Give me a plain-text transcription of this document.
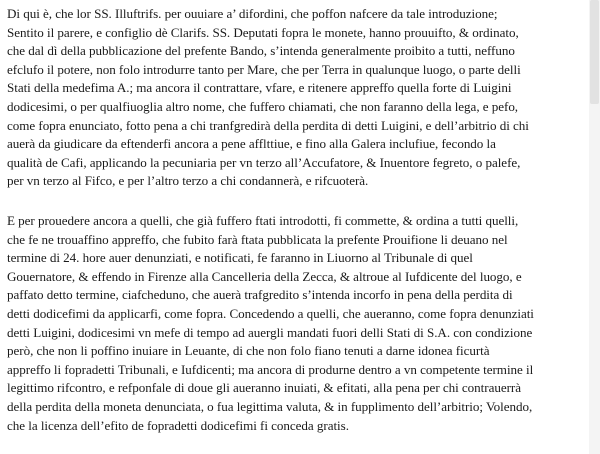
Di qui è, che lor SS. Illuftrifs. per ouuiare a’ difordini, che poffon nafcere da tale introduzione;
Sentito il parere, e configlio dè Clarifs. SS. Deputati fopra le monete, hanno prouuifto, & ordinato,
che dal dì della pubblicazione del prefente Bando, s’intenda generalmente proibito a tutti, neffuno
efclufo il potere, non folo introdurre tanto per Mare, che per Terra in qualunque luogo, o parte delli
Stati della medefima A.; ma ancora il contrattare, vfare, e ritenere appreffo quella forte di Luigini
dodicesimi, o per qualfiuoglia altro nome, che fuffero chiamati, che non faranno della lega, e pefo,
come fopra enunciato, fotto pena a chi tranfgredirà della perdita di detti Luigini, e dell’arbitrio di chi
auerà da giudicare da eftenderfi ancora a pene afflttiue, e fino alla Galera inclufiue, fecondo la
qualità de Cafi, applicando la pecuniaria per vn terzo all’Accufatore, & Inuentore fegreto, o palefe,
per vn terzo al Fifco, e per l’altro terzo a chi condannerà, e rifcuoterà.
E per prouedere ancora a quelli, che già fuffero ftati introdotti, fi commette, & ordina a tutti quelli,
che fe ne trouaffino appreffo, che fubito farà ftata pubblicata la prefente Prouifione li deuano nel
termine di 24. hore auer denunziati, e notificati, fe faranno in Liuorno al Tribunale di quel
Gouernatore, & effendo in Firenze alla Cancelleria della Zecca, & altroue al Iufdicente del luogo, e
paffato detto termine, ciafcheduno, che auerà trafgredito s’intenda incorfo in pena della perdita di
detti dodicefimi da applicarfi, come fopra. Concedendo a quelli, che aueranno, come fopra denunziati
detti Luigini, dodicesimi vn mefe di tempo ad auergli mandati fuori delli Stati di S.A. con condizione
però, che non li poffino inuiare in Leuante, di che non folo fiano tenuti a darne idonea ficurtà
appreffo li fopradetti Tribunali, e Iufdicenti; ma ancora di produrne dentro a vn competente termine il
legittimo rifcontro, e refponfale di doue gli aueranno inuiati, & efitati, alla pena per chi contrauerrà
della perdita della moneta denunciata, o fua legittima valuta, & in fupplimento dell’arbitrio; Volendo,
che la licenza dell’efito de fopradetti dodicefimi fi conceda gratis.
